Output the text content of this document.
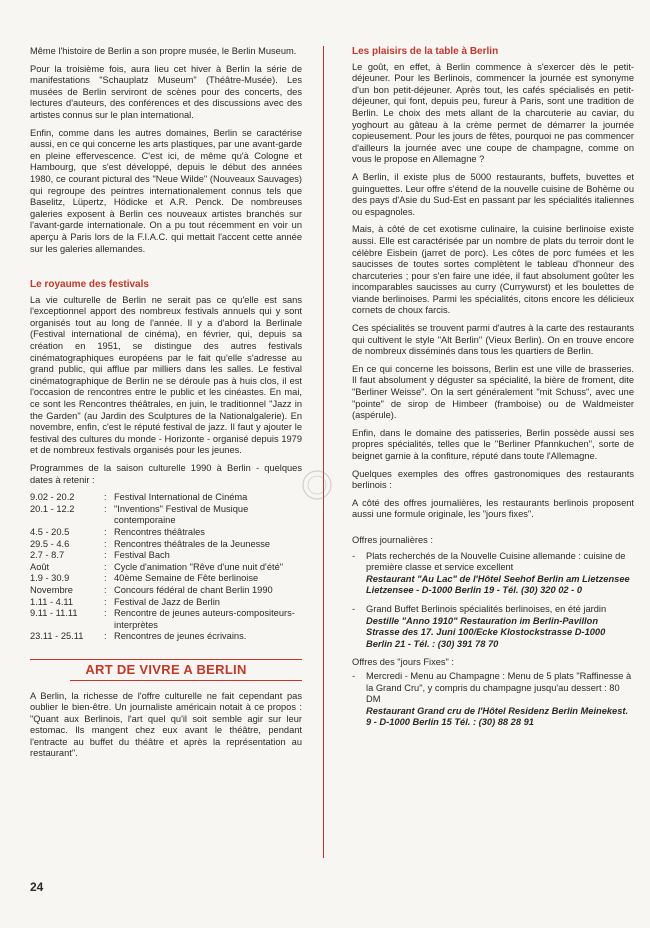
Même l'histoire de Berlin a son propre musée, le Berlin Museum.

Pour la troisième fois, aura lieu cet hiver à Berlin la série de manifestations "Schauplatz Museum" (Théâtre-Musée). Les musées de Berlin serviront de scènes pour des concerts, des lectures d'auteurs, des conférences et des discussions avec des artistes connus sur le plan international.

Enfin, comme dans les autres domaines, Berlin se caractérise aussi, en ce qui concerne les arts plastiques, par une avant-garde en pleine effervescence. C'est ici, de même qu'à Cologne et Hambourg, que s'est développé, depuis le début des années 1980, ce courant pictural des "Neue Wilde" (Nouveaux Sauvages) qui regroupe des peintres internationalement connus tels que Baselitz, Lüpertz, Hödicke et A.R. Penck. De nombreuses galeries exposent à Berlin ces nouveaux artistes branchés sur l'avant-garde internationale. On a pu tout récemment en voir un aperçu à Paris lors de la F.I.A.C. qui mettait l'accent cette année sur les galeries allemandes.

Le royaume des festivals

La vie culturelle de Berlin ne serait pas ce qu'elle est sans l'exceptionnel apport des nombreux festivals annuels qui y sont organisés tout au long de l'année. Il y a d'abord la Berlinale (Festival international de cinéma), en février, qui, depuis sa création en 1951, se distingue des autres festivals cinématographiques européens par le fait qu'elle s'adresse au grand public, qui afflue par milliers dans les salles. Le festival cinématographique de Berlin ne se déroule pas à huis clos, il est l'occasion de rencontres entre le public et les cinéastes. En mai, ce sont les Rencontres théâtrales, en juin, le traditionnel "Jazz in the Garden" (au Jardin des Sculptures de la Nationalgalerie). En novembre, enfin, c'est le réputé festival de jazz. Il faut y ajouter le festival des cultures du monde - Horizonte - organisé depuis 1979 et de nombreux festivals organisés pour les jeunes.

Programmes de la saison culturelle 1990 à Berlin - quelques dates à retenir :

9.02 - 20.2	:	Festival International de Cinéma
20.1 - 12.2	:	"Inventions" Festival de Musique contemporaine
4.5 - 20.5	:	Rencontres théâtrales
29.5 - 4.6	:	Rencontres théâtrales de la Jeunesse
2.7 - 8.7	:	Festival Bach
Août	:	Cycle d'animation "Rêve d'une nuit d'été"
1.9 - 30.9	:	40ème Semaine de Fête berlinoise
Novembre	:	Concours fédéral de chant Berlin 1990
1.11 - 4.11	:	Festival de Jazz de Berlin
9.11 - 11.11	:	Rencontre de jeunes auteurs-compositeurs-interprètes
23.11 - 25.11	:	Rencontres de jeunes écrivains.
ART DE VIVRE A BERLIN

A Berlin, la richesse de l'offre culturelle ne fait cependant pas oublier le bien-être. Un journaliste américain notait à ce propos : "Quant aux Berlinois, l'art quel qu'il soit semble agir sur leur estomac. Ils mangent chez eux avant le théâtre, pendant l'entracte au buffet du théâtre et après la représentation au restaurant".

Les plaisirs de la table à Berlin

Le goût, en effet, à Berlin commence à s'exercer dès le petit-déjeuner. Pour les Berlinois, commencer la journée est synonyme d'un bon petit-déjeuner. Après tout, les cafés spécialisés en petit-déjeuner, qui font, depuis peu, fureur à Paris, sont une tradition de Berlin. Le choix des mets allant de la charcuterie au caviar, du yoghourt au gâteau à la crème permet de démarrer la journée copieusement. Pour les jours de fêtes, pourquoi ne pas commencer d'ailleurs la journée avec une coupe de champagne, comme on vous le propose en Allemagne ?

A Berlin, il existe plus de 5000 restaurants, buffets, buvettes et guinguettes. Leur offre s'étend de la nouvelle cuisine de Bohème ou des pays d'Asie du Sud-Est en passant par les spécialités italiennes ou espagnoles.

Mais, à côté de cet exotisme culinaire, la cuisine berlinoise existe aussi. Elle est caractérisée par un nombre de plats du terroir dont le célèbre Eisbein (jarret de porc). Les côtes de porc fumées et les saucisses de toutes sortes complètent le tableau d'honneur des charcuteries ; pour s'en faire une idée, il faut absolument goûter les incomparables saucisses au curry (Currywurst) et les boulettes de viande berlinoises. Parmi les spécialités, citons encore les délicieux cornets de choux farcis.

Ces spécialités se trouvent parmi d'autres à la carte des restaurants qui cultivent le style "Alt Berlin" (Vieux Berlin). On en trouve encore de nombreux disséminés dans tous les quartiers de Berlin.

En ce qui concerne les boissons, Berlin est une ville de brasseries. Il faut absolument y déguster sa spécialité, la bière de froment, dite "Berliner Weisse". On la sert généralement "mit Schuss", avec une "pointe" de sirop de Himbeer (framboise) ou de Waldmeister (aspérule).

Enfin, dans le domaine des patisseries, Berlin possède aussi ses propres spécialités, telles que le "Berliner Pfannkuchen", sorte de beignet garnie à la confiture, réputé dans toute l'Allemagne.

Quelques exemples des offres gastronomiques des restaurants berlinois :

A côté des offres journalières, les restaurants berlinois proposent aussi une formule originale, les "jours fixes".

Offres journalières :
- Plats recherchés de la Nouvelle Cuisine allemande : cuisine de première classe et service excellent
Restaurant "Au Lac" de l'Hôtel Seehof Berlin am Lietzensee
Lietzensee - D-1000 Berlin 19 - Tél. (30) 320 02 - 0
- Grand Buffet Berlinois spécialités berlinoises, en été jardin
Destille "Anno 1910" Restauration im Berlin-Pavillon Strasse des 17. Juni 100/Ecke Klostockstrasse D-1000 Berlin 21 - Tél. : (30) 391 78 70
Offres des "jours Fixes" :
- Mercredi - Menu au Champagne : Menu de 5 plats "Raffinesse à la Grand Cru", y compris du champagne jusqu'au dessert : 80 DM
Restaurant Grand cru de l'Hôtel Residenz Berlin Meinekest. 9 - D-1000 Berlin 15 Tél. : (30) 88 28 91
24
